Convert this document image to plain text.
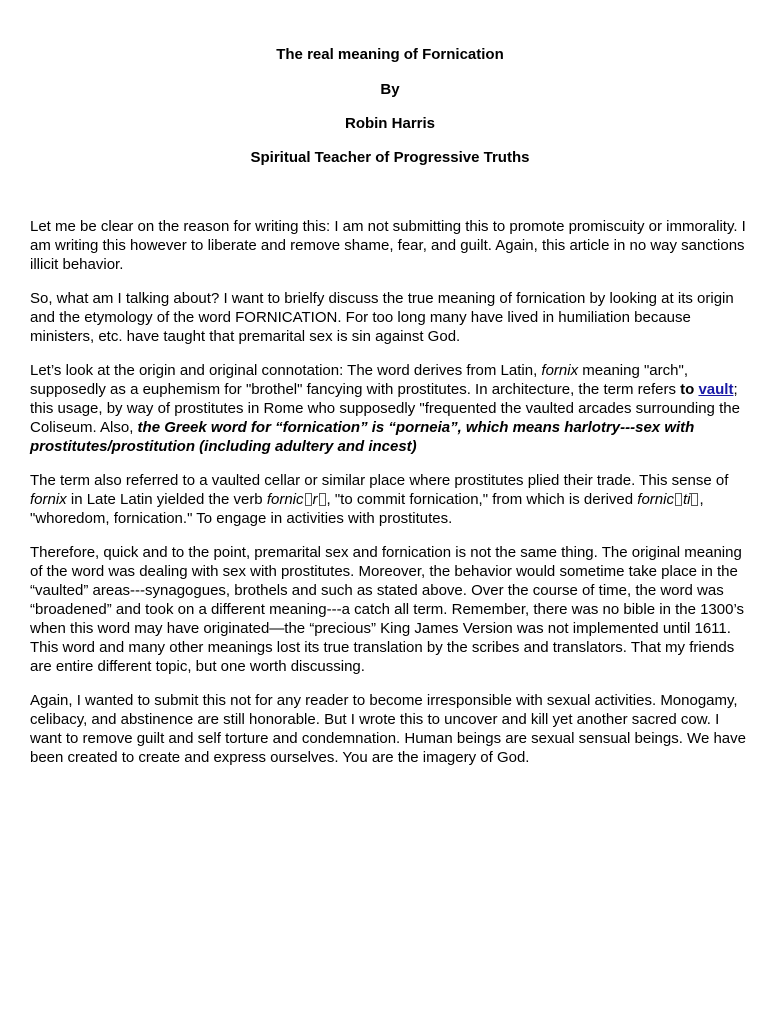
The real meaning of Fornication

By

Robin Harris

Spiritual Teacher of Progressive Truths

Let me be clear on the reason for writing this: I am not submitting this to promote promiscuity or immorality. I am writing this however to liberate and remove shame, fear, and guilt. Again, this article in no way sanctions illicit behavior.

So, what am I talking about? I want to brielfy discuss the true meaning of fornication by looking at its origin and the etymology of the word FORNICATION. For too long many have lived in humiliation because ministers, etc. have taught that premarital sex is sin against God.

Let’s look at the origin and original connotation: The word derives from Latin, fornix meaning "arch", supposedly as a euphemism for "brothel" fancying with prostitutes. In architecture, the term refers to vault; this usage, by way of prostitutes in Rome who supposedly "frequented the vaulted arcades surrounding the Coliseum. Also, the Greek word for “fornication” is “porneia”, which means harlotry---sex with prostitutes/prostitution (including adultery and incest)

The term also referred to a vaulted cellar or similar place where prostitutes plied their trade. This sense of fornix in Late Latin yielded the verb fornic r , "to commit fornication," from which is derived fornic ti , "whoredom, fornication." To engage in activities with prostitutes.

Therefore, quick and to the point, premarital sex and fornication is not the same thing. The original meaning of the word was dealing with sex with prostitutes. Moreover, the behavior would sometime take place in the “vaulted” areas---synagogues, brothels and such as stated above. Over the course of time, the word was “broadened” and took on a different meaning---a catch all term. Remember, there was no bible in the 1300’s when this word may have originated—the “precious” King James Version was not implemented until 1611. This word and many other meanings lost its true translation by the scribes and translators. That my friends are entire different topic, but one worth discussing.

Again, I wanted to submit this not for any reader to become irresponsible with sexual activities. Monogamy, celibacy, and abstinence are still honorable. But I wrote this to uncover and kill yet another sacred cow. I want to remove guilt and self torture and condemnation. Human beings are sexual sensual beings. We have been created to create and express ourselves. You are the imagery of God.
